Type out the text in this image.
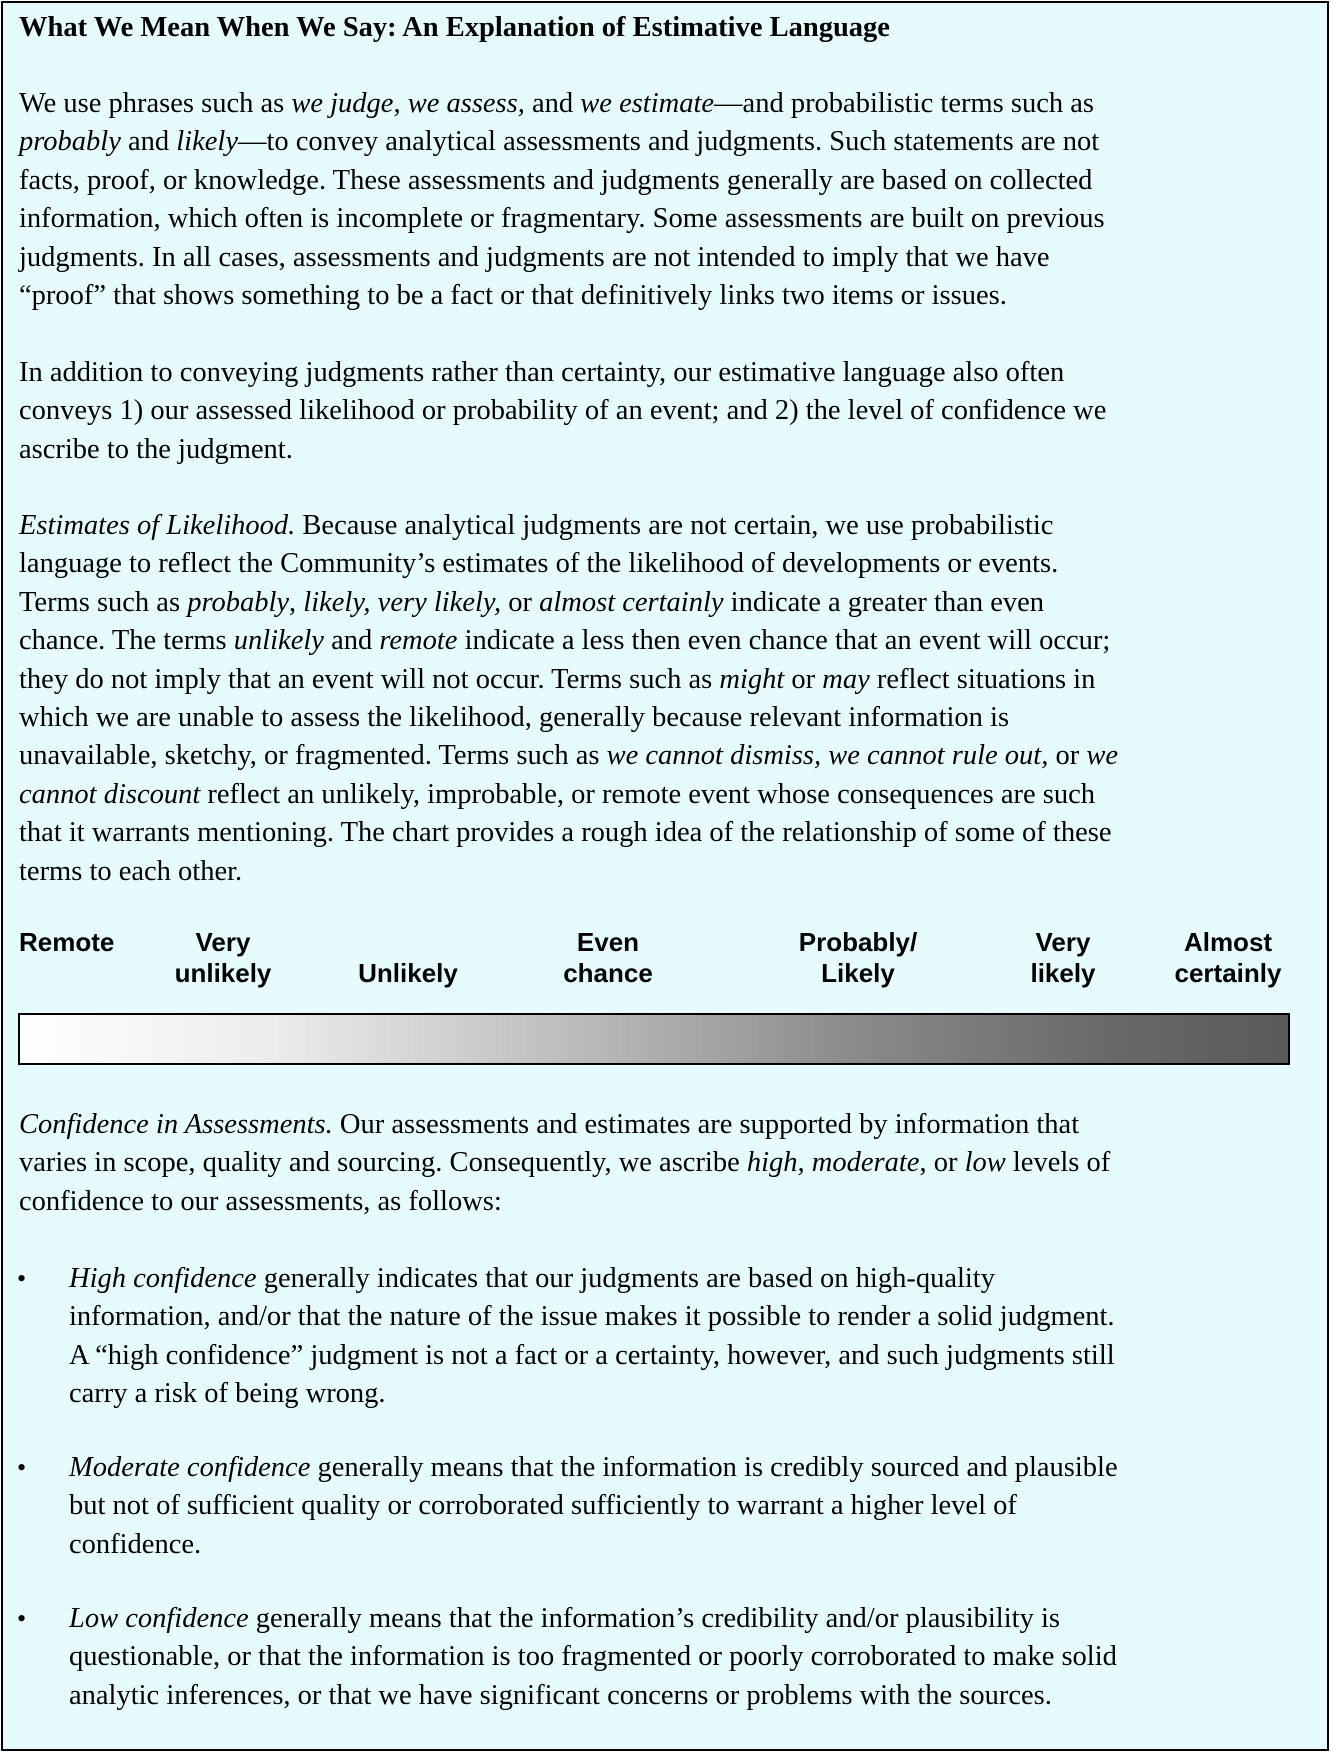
What We Mean When We Say: An Explanation of Estimative Language
We use phrases such as we judge, we assess, and we estimate—and probabilistic terms such as
probably and likely—to convey analytical assessments and judgments. Such statements are not
facts, proof, or knowledge. These assessments and judgments generally are based on collected
information, which often is incomplete or fragmentary. Some assessments are built on previous
judgments. In all cases, assessments and judgments are not intended to imply that we have
“proof” that shows something to be a fact or that definitively links two items or issues.
In addition to conveying judgments rather than certainty, our estimative language also often
conveys 1) our assessed likelihood or probability of an event; and 2) the level of confidence we
ascribe to the judgment.
Estimates of Likelihood. Because analytical judgments are not certain, we use probabilistic
language to reflect the Community’s estimates of the likelihood of developments or events.
Terms such as probably, likely, very likely, or almost certainly indicate a greater than even
chance. The terms unlikely and remote indicate a less then even chance that an event will occur;
they do not imply that an event will not occur. Terms such as might or may reflect situations in
which we are unable to assess the likelihood, generally because relevant information is
unavailable, sketchy, or fragmented. Terms such as we cannot dismiss, we cannot rule out, or we
cannot discount reflect an unlikely, improbable, or remote event whose consequences are such
that it warrants mentioning. The chart provides a rough idea of the relationship of some of these
terms to each other.
Remote	Very
unlikely	Unlikely
Even
chance
Probably/
Likely
Very
likely
Almost
certainly
Confidence in Assessments. Our assessments and estimates are supported by information that
varies in scope, quality and sourcing. Consequently, we ascribe high, moderate, or low levels of
confidence to our assessments, as follows:
• High confidence generally indicates that our judgments are based on high-quality
information, and/or that the nature of the issue makes it possible to render a solid judgment.
A “high confidence” judgment is not a fact or a certainty, however, and such judgments still
carry a risk of being wrong.
• Moderate confidence generally means that the information is credibly sourced and plausible
but not of sufficient quality or corroborated sufficiently to warrant a higher level of
confidence.
• Low confidence generally means that the information’s credibility and/or plausibility is
questionable, or that the information is too fragmented or poorly corroborated to make solid
analytic inferences, or that we have significant concerns or problems with the sources.
